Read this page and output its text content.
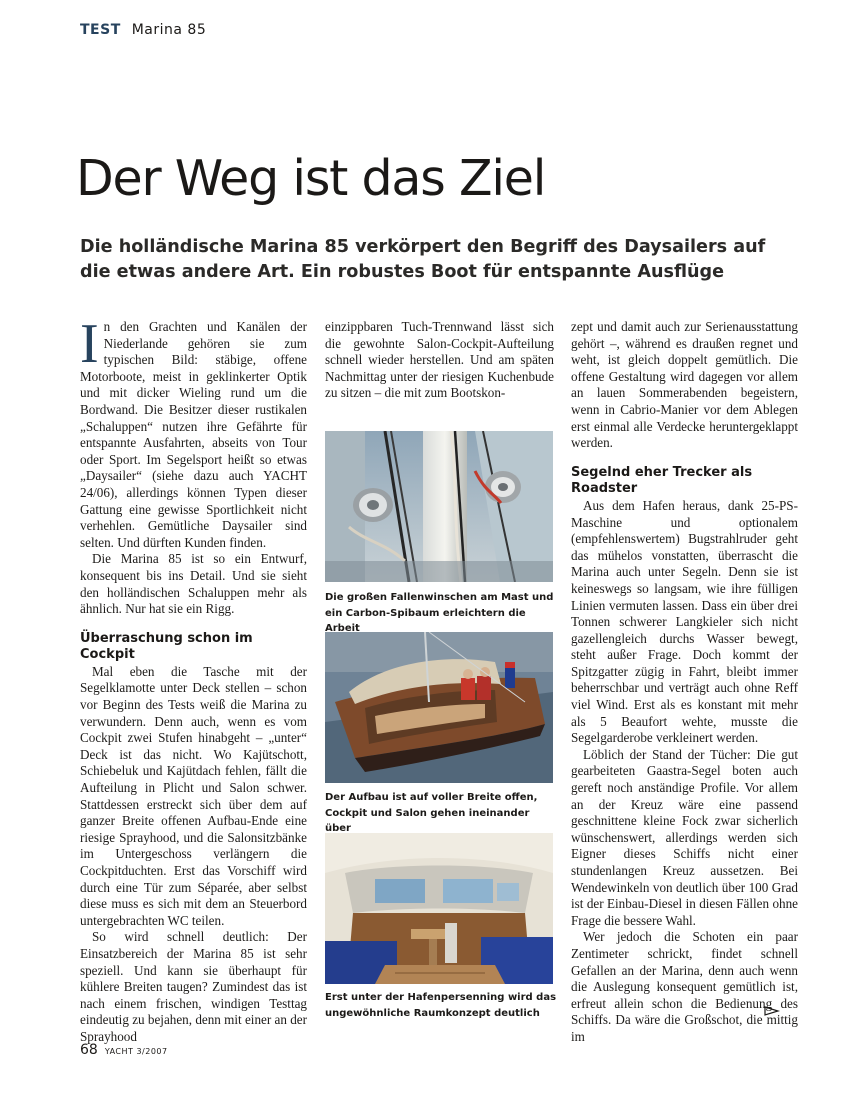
TEST Marina 85
Der Weg ist das Ziel

Die holländische Marina 85 verkörpert den Begriff des Daysailers auf die etwas andere Art. Ein robustes Boot für entspannte Ausflüge

In den Grachten und Kanälen der Niederlande gehören sie zum typischen Bild: stäbige, offene Motorboote, meist in geklinkerter Optik und mit dicker Wieling rund um die Bordwand. Die Besitzer dieser rustikalen „Schaluppen“ nutzen ihre Gefährte für entspannte Ausfahrten, abseits von Tour oder Sport. Im Segelsport heißt so etwas „Daysailer“ (siehe dazu auch YACHT 24/06), allerdings können Typen dieser Gattung eine gewisse Sportlichkeit nicht verhehlen. Gemütliche Daysailer sind selten. Und dürften Kunden finden.

Die Marina 85 ist so ein Entwurf, konsequent bis ins Detail. Und sie sieht den holländischen Schaluppen mehr als ähnlich. Nur hat sie ein Rigg.

Überraschung schon im Cockpit

Mal eben die Tasche mit der Segelklamotte unter Deck stellen – schon vor Beginn des Tests weiß die Marina zu verwundern. Denn auch, wenn es vom Cockpit zwei Stufen hinabgeht – „unter“ Deck ist das nicht. Wo Kajütschott, Schiebeluk und Kajütdach fehlen, fällt die Aufteilung in Plicht und Salon schwer. Stattdessen erstreckt sich über dem auf ganzer Breite offenen Aufbau-Ende eine riesige Sprayhood, und die Salonsitzbänke im Untergeschoss verlängern die Cockpitduchten. Erst das Vorschiff wird durch eine Tür zum Séparée, aber selbst diese muss es sich mit dem an Steuerbord untergebrachten WC teilen.

So wird schnell deutlich: Der Einsatzbereich der Marina 85 ist sehr speziell. Und kann sie überhaupt für kühlere Breiten taugen? Zumindest das ist nach einem frischen, windigen Testtag eindeutig zu bejahen, denn mit einer an der Sprayhood

einzippbaren Tuch-Trennwand lässt sich die gewohnte Salon-Cockpit-Aufteilung schnell wieder herstellen. Und am späten Nachmittag unter der riesigen Kuchenbude zu sitzen – die mit zum Bootskon-

Die großen Fallenwinschen am Mast und ein Carbon-Spibaum erleichtern die Arbeit

Der Aufbau ist auf voller Breite offen, Cockpit und Salon gehen ineinander über

Erst unter der Hafenpersenning wird das ungewöhnliche Raumkonzept deutlich

zept und damit auch zur Serienausstattung gehört –, während es draußen regnet und weht, ist gleich doppelt gemütlich. Die offene Gestaltung wird dagegen vor allem an lauen Sommerabenden begeistern, wenn in Cabrio-Manier vor dem Ablegen erst einmal alle Verdecke heruntergeklappt werden.

Segelnd eher Trecker als Roadster

Aus dem Hafen heraus, dank 25-PS-Maschine und optionalem (empfehlenswertem) Bugstrahlruder geht das mühelos vonstatten, überrascht die Marina auch unter Segeln. Denn sie ist keineswegs so langsam, wie ihre fülligen Linien vermuten lassen. Dass ein über drei Tonnen schwerer Langkieler sich nicht gazellengleich durchs Wasser bewegt, steht außer Frage. Doch kommt der Spitzgatter zügig in Fahrt, bleibt immer beherrschbar und verträgt auch ohne Reff viel Wind. Erst als es konstant mit mehr als 5 Beaufort wehte, musste die Segelgarderobe verkleinert werden.

Löblich der Stand der Tücher: Die gut gearbeiteten Gaastra-Segel boten auch gereft noch anständige Profile. Vor allem an der Kreuz wäre eine passend geschnittene kleine Fock zwar sicherlich wünschenswert, allerdings werden sich Eigner dieses Schiffs nicht einer stundenlangen Kreuz aussetzen. Bei Wendewinkeln von deutlich über 100 Grad ist der Einbau-Diesel in diesen Fällen ohne Frage die bessere Wahl.

Wer jedoch die Schoten ein paar Zentimeter schrickt, findet schnell Gefallen an der Marina, denn auch wenn die Auslegung konsequent gemütlich ist, erfreut allein schon die Bedienung des Schiffs. Da wäre die Großschot, die mittig im

68 YACHT 3/2007
